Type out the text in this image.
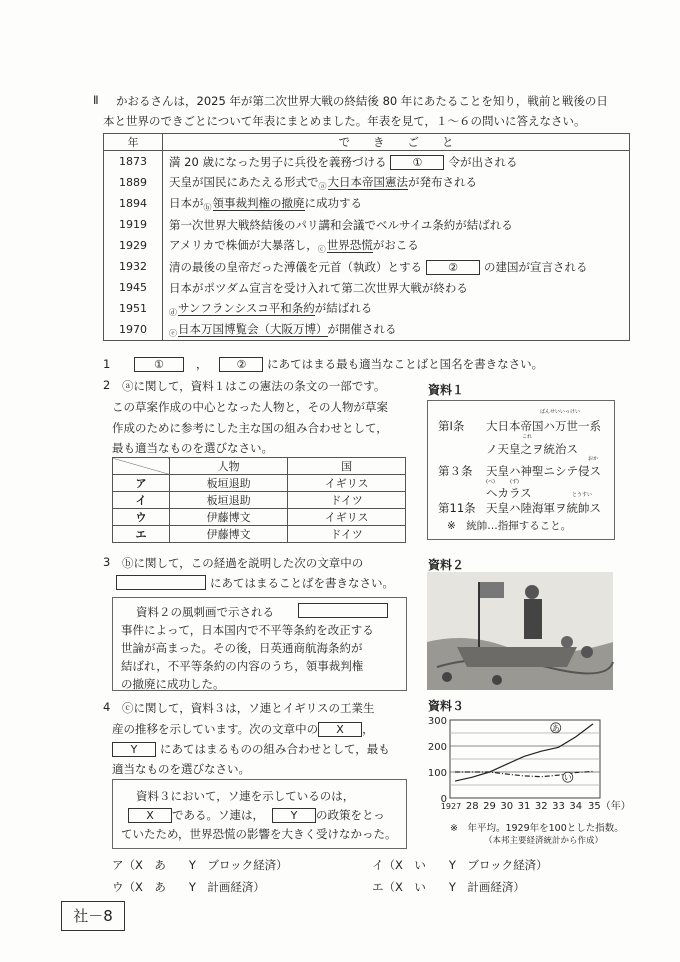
Ⅱ かおるさんは，2025 年が第二次世界大戦の終結後 80 年にあたることを知り，戦前と戦後の日
本と世界のできごとについて年表にまとめました。年表を見て，１～６の問いに答えなさい。
年	で　　き　　ご　　と
1873	満 20 歳になった男子に兵役を義務づける ① 令が出される
1889	天皇が国民にあたえる形式で$_ⓐ$大日本帝国憲法が発布される
1894	日本が$_ⓑ$領事裁判権の撤廃に成功する
1919	第一次世界大戦終結後のパリ講和会議でベルサイユ条約が結ばれる
1929	アメリカで株価が大暴落し，$_ⓒ$世界恐慌がおこる
1932	清の最後の皇帝だった溥儀を元首（執政）とする ② の建国が宣言される
1945	日本がポツダム宣言を受け入れて第二次世界大戦が終わる
1951	$_ⓓ$サンフランシスコ平和条約が結ばれる
1970	$_ⓔ$日本万国博覧会（大阪万博）が開催される
1	①	，	② にあてはまる最も適当なことばと国名を書きなさい。
2 ⓐに関して，資料１はこの憲法の条文の一部です。
この草案作成の中心となった人物と，その人物が草案
作成のために参考にした主な国の組み合わせとして，
最も適当なものを選びなさい。
	人物	国
ア	板垣退助	イギリス
イ	板垣退助	ドイツ
ウ	伊藤博文	イギリス
エ	伊藤博文	ドイツ
資料１
第Ⅰ条 大日本帝国ハ万世一系
ばんせいいっけい
ノ天皇之ヲ統治ス
これ
第３条 天皇ハ神聖ニシテ侵ス
おか
(べ)	(ず)
ヘカラス
第11条 天皇ハ陸海軍ヲ統帥ス
とうすい
※　統帥…指揮すること。
3 ⓑに関して，この経過を説明した次の文章中の
にあてはまることばを書きなさい。
資料２の風刺画で示される
事件によって，日本国内で不平等条約を改正する
世論が高まった。その後，日英通商航海条約が
結ばれ，不平等条約の内容のうち，領事裁判権
の撤廃に成功した。
資料２
4 ⓒに関して，資料３は，ソ連とイギリスの工業生
産の推移を示しています。次の文章中の X ，
Y にあてはまるものの組み合わせとして，最も
適当なものを選びなさい。
資料３において，ソ連を示しているのは，
X である。ソ連は， Y の政策をとっ
ていたため，世界恐慌の影響を大きく受けなかった。
ア（X　あ　　Y　ブロック経済）	イ（X　い　　Y　ブロック経済）
ウ（X　あ　　Y　計画経済）	エ（X　い　　Y　計画経済）
資料３
0
100
200
300
1927 28 29 30 31 32 33 34 35（年）
あ
い
※　年平均。1929年を100とした指数。
（本邦主要経済統計から作成）
社－8
